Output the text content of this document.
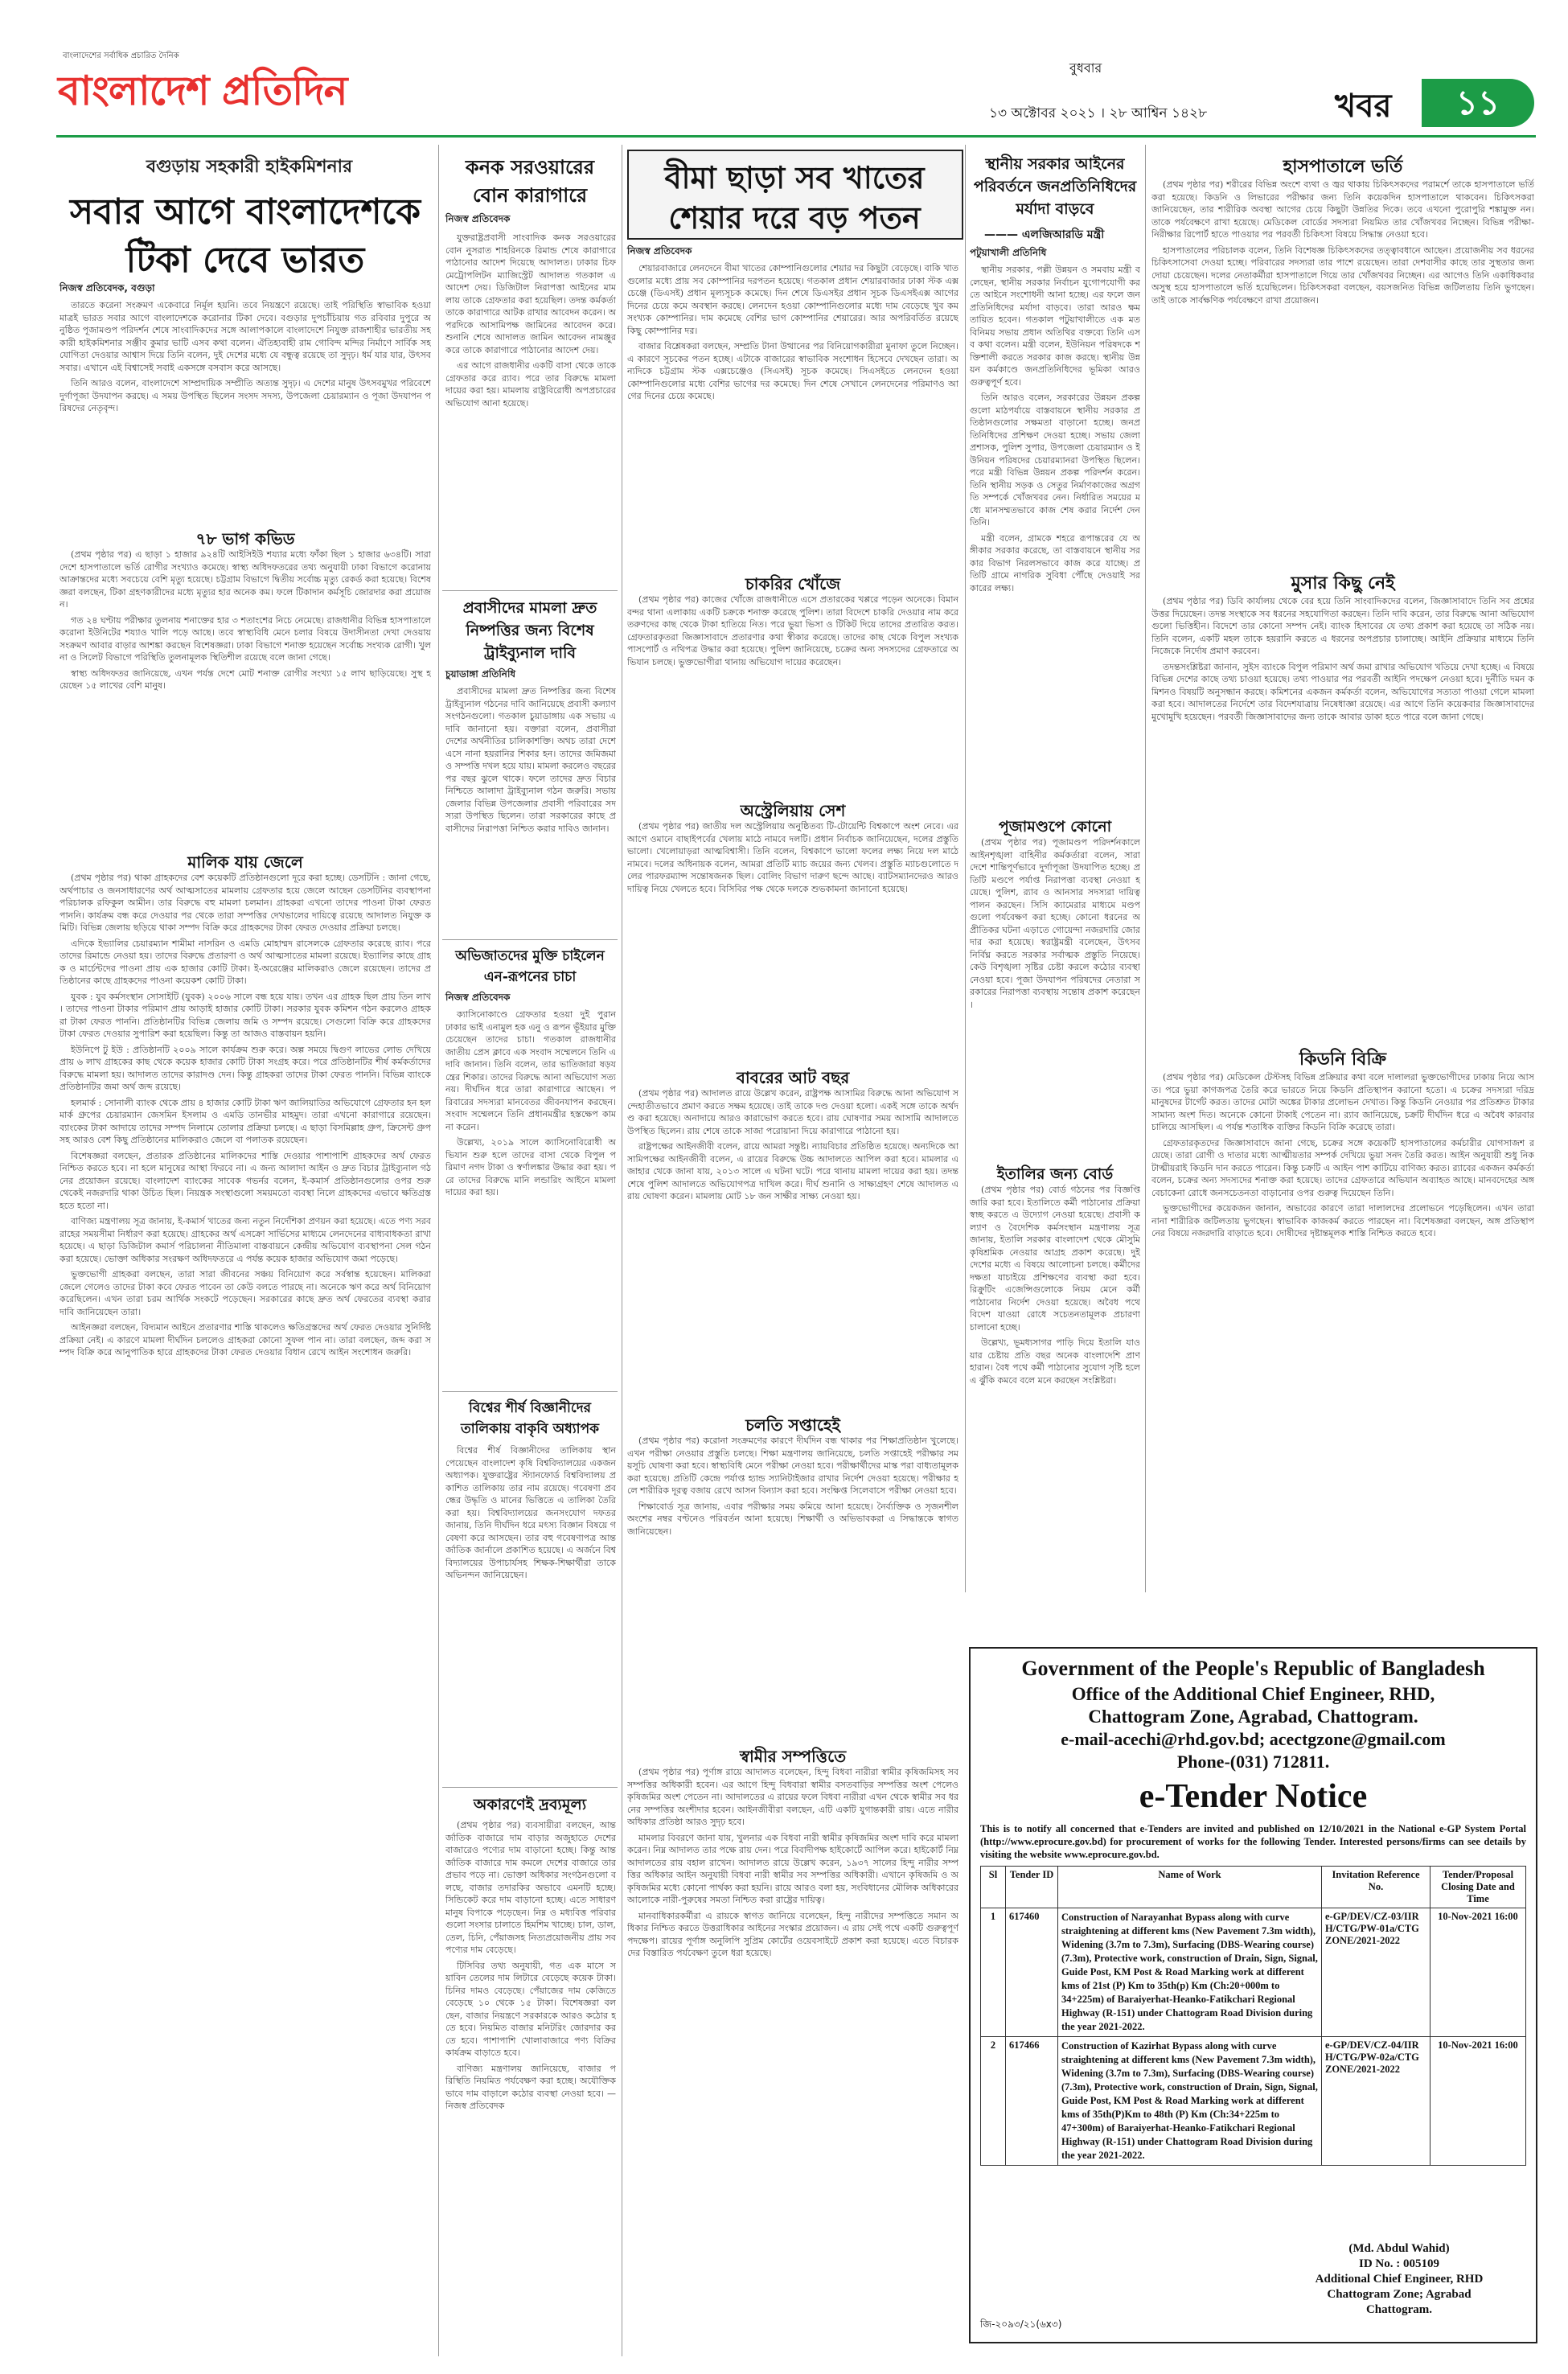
বাংলাদেশের সর্বাধিক প্রচারিত দৈনিক
বাংলাদেশ প্রতিদিন	বুধবার
১৩ অক্টোবর ২০২১ । ২৮ আশ্বিন ১৪২৮	খবর	১১
বগুড়ায় সহকারী হাইকমিশনার
সবার আগে বাংলাদেশকে
টিকা দেবে ভারত
নিজস্ব প্রতিবেদক, বগুড়া

তারতে করেনা সংক্রমণ একেবারে নির্মূল হয়নি। তবে নিয়ন্ত্রণে রয়েছে। তাই পরিস্থিতি স্বাভাবিক হওয়া মাত্রই ভারত সবার আগে বাংলাদেশকে করোনার টিকা দেবে। বগুড়ার দুপচাঁচিয়ায় গত রবিবার দুপুরে অনুষ্ঠিত পূজামণ্ডপ পরিদর্শন শেষে সাংবাদিকদের সঙ্গে আলাপকালে বাংলাদেশে নিযুক্ত রাজশাহীর ভারতীয় সহকারী হাইকমিশনার সঞ্জীব কুমার ভাটি এসব কথা বলেন। ঐতিহ্যবাহী রাম গোবিন্দ মন্দির নির্মাণে সার্বিক সহযোগিতা দেওয়ার আশ্বাস দিয়ে তিনি বলেন, দুই দেশের মধ্যে যে বন্ধুত্ব রয়েছে তা সুদৃঢ়। ধর্ম যার যার, উৎসব সবার। এখানে এই বিশ্বাসেই সবাই একসঙ্গে বসবাস করে আসছে।

তিনি আরও বলেন, বাংলাদেশে সাম্প্রদায়িক সম্প্রীতি অত্যন্ত সুদৃঢ়। এ দেশের মানুষ উৎসবমুখর পরিবেশে দুর্গাপূজা উদযাপন করছে। এ সময় উপস্থিত ছিলেন সংসদ সদস্য, উপজেলা চেয়ারম্যান ও পূজা উদযাপন পরিষদের নেতৃবৃন্দ।

৭৮ ভাগ কভিড

(প্রথম পৃষ্ঠার পর) এ ছাড়া ১ হাজার ৯২৪টি আইসিইউ শয্যার মধ্যে ফাঁকা ছিল ১ হাজার ৬৩৪টি। সারা দেশে হাসপাতালে ভর্তি রোগীর সংখ্যাও কমেছে। স্বাস্থ্য অধিদফতরের তথ্য অনুযায়ী ঢাকা বিভাগে করোনায় আক্রান্তদের মধ্যে সবচেয়ে বেশি মৃত্যু হয়েছে। চট্টগ্রাম বিভাগে দ্বিতীয় সর্বোচ্চ মৃত্যু রেকর্ড করা হয়েছে। বিশেষজ্ঞরা বলছেন, টিকা গ্রহণকারীদের মধ্যে মৃত্যুর হার অনেক কম। ফলে টিকাদান কর্মসূচি জোরদার করা প্রয়োজন।

গত ২৪ ঘণ্টায় পরীক্ষার তুলনায় শনাক্তের হার ৩ শতাংশের নিচে নেমেছে। রাজধানীর বিভিন্ন হাসপাতালে করোনা ইউনিটের শয্যাও খালি পড়ে আছে। তবে স্বাস্থ্যবিধি মেনে চলার বিষয়ে উদাসীনতা দেখা দেওয়ায় সংক্রমণ আবার বাড়ার আশঙ্কা করছেন বিশেষজ্ঞরা। ঢাকা বিভাগে শনাক্ত হয়েছেন সর্বোচ্চ সংখ্যক রোগী। খুলনা ও সিলেট বিভাগে পরিস্থিতি তুলনামূলক স্থিতিশীল রয়েছে বলে জানা গেছে।

স্বাস্থ্য অধিদফতর জানিয়েছে, এখন পর্যন্ত দেশে মোট শনাক্ত রোগীর সংখ্যা ১৫ লাখ ছাড়িয়েছে। সুস্থ হয়েছেন ১৫ লাখের বেশি মানুষ।

মালিক যায় জেলে

(প্রথম পৃষ্ঠার পর) থাকা গ্রাহকদের বেশ কয়েকটি প্রতিষ্ঠানগুলো দূরে করা হচ্ছে। ডেসটিনি : জানা গেছে, অর্থপাচার ও জনসাধারণের অর্থ আত্মসাতের মামলায় গ্রেফতার হয়ে জেলে আছেন ডেসটিনির ব্যবস্থাপনা পরিচালক রফিকুল আমীন। তার বিরুদ্ধে বহু মামলা চলমান। গ্রাহকরা এখনো তাদের পাওনা টাকা ফেরত পাননি। কার্যক্রম বন্ধ করে দেওয়ার পর থেকে তারা সম্পত্তির দেখভালের দায়িত্বে রয়েছে আদালত নিযুক্ত কমিটি। বিভিন্ন জেলায় ছড়িয়ে থাকা সম্পদ বিক্রি করে গ্রাহকদের টাকা ফেরত দেওয়ার প্রক্রিয়া চলছে।

এদিকে ইভ্যালির চেয়ারম্যান শামীমা নাসরিন ও এমডি মোহাম্মদ রাসেলকে গ্রেফতার করেছে র‌্যাব। পরে তাদের রিমান্ডে নেওয়া হয়। তাদের বিরুদ্ধে প্রতারণা ও অর্থ আত্মসাতের মামলা রয়েছে। ইভ্যালির কাছে গ্রাহক ও মার্চেন্টদের পাওনা প্রায় এক হাজার কোটি টাকা। ই-অরেঞ্জের মালিকরাও জেলে রয়েছেন। তাদের প্রতিষ্ঠানের কাছে গ্রাহকদের পাওনা কয়েকশ কোটি টাকা।

যুবক : যুব কর্মসংস্থান সোসাইটি (যুবক) ২০০৬ সালে বন্ধ হয়ে যায়। তখন এর গ্রাহক ছিল প্রায় তিন লাখ। তাদের পাওনা টাকার পরিমাণ প্রায় আড়াই হাজার কোটি টাকা। সরকার যুবক কমিশন গঠন করলেও গ্রাহকরা টাকা ফেরত পাননি। প্রতিষ্ঠানটির বিভিন্ন জেলায় জমি ও সম্পদ রয়েছে। সেগুলো বিক্রি করে গ্রাহকদের টাকা ফেরত দেওয়ার সুপারিশ করা হয়েছিল। কিন্তু তা আজও বাস্তবায়ন হয়নি।

ইউনিপে টু ইউ : প্রতিষ্ঠানটি ২০০৯ সালে কার্যক্রম শুরু করে। অল্প সময়ে দ্বিগুণ লাভের লোভ দেখিয়ে প্রায় ৬ লাখ গ্রাহকের কাছ থেকে কয়েক হাজার কোটি টাকা সংগ্রহ করে। পরে প্রতিষ্ঠানটির শীর্ষ কর্মকর্তাদের বিরুদ্ধে মামলা হয়। আদালত তাদের কারাদণ্ড দেন। কিন্তু গ্রাহকরা তাদের টাকা ফেরত পাননি। বিভিন্ন ব্যাংকে প্রতিষ্ঠানটির জমা অর্থ জব্দ রয়েছে।

হলমার্ক : সোনালী ব্যাংক থেকে প্রায় ৪ হাজার কোটি টাকা ঋণ জালিয়াতির অভিযোগে গ্রেফতার হন হলমার্ক গ্রুপের চেয়ারম্যান জেসমিন ইসলাম ও এমডি তানভীর মাহমুদ। তারা এখনো কারাগারে রয়েছেন। ব্যাংকের টাকা আদায়ে তাদের সম্পদ নিলামে তোলার প্রক্রিয়া চলছে। এ ছাড়া বিসমিল্লাহ গ্রুপ, ক্রিসেন্ট গ্রুপসহ আরও বেশ কিছু প্রতিষ্ঠানের মালিকরাও জেলে বা পলাতক রয়েছেন।

বিশেষজ্ঞরা বলছেন, প্রতারক প্রতিষ্ঠানের মালিকদের শাস্তি দেওয়ার পাশাপাশি গ্রাহকদের অর্থ ফেরত নিশ্চিত করতে হবে। না হলে মানুষের আস্থা ফিরবে না। এ জন্য আলাদা আইন ও দ্রুত বিচার ট্রাইব্যুনাল গঠনের প্রয়োজন রয়েছে। বাংলাদেশ ব্যাংকের সাবেক গভর্নর বলেন, ই-কমার্স প্রতিষ্ঠানগুলোর ওপর শুরু থেকেই নজরদারি থাকা উচিত ছিল। নিয়ন্ত্রক সংস্থাগুলো সময়মতো ব্যবস্থা নিলে গ্রাহকদের এভাবে ক্ষতিগ্রস্ত হতে হতো না।

বাণিজ্য মন্ত্রণালয় সূত্র জানায়, ই-কমার্স খাতের জন্য নতুন নির্দেশিকা প্রণয়ন করা হয়েছে। এতে পণ্য সরবরাহের সময়সীমা নির্ধারণ করা হয়েছে। গ্রাহকের অর্থ এসক্রো সার্ভিসের মাধ্যমে লেনদেনের বাধ্যবাধকতা রাখা হয়েছে। এ ছাড়া ডিজিটাল কমার্স পরিচালনা নীতিমালা বাস্তবায়নে কেন্দ্রীয় অভিযোগ ব্যবস্থাপনা সেল গঠন করা হয়েছে। ভোক্তা অধিকার সংরক্ষণ অধিদফতরে এ পর্যন্ত কয়েক হাজার অভিযোগ জমা পড়েছে।

ভুক্তভোগী গ্রাহকরা বলছেন, তারা সারা জীবনের সঞ্চয় বিনিয়োগ করে সর্বস্বান্ত হয়েছেন। মালিকরা জেলে গেলেও তাদের টাকা কবে ফেরত পাবেন তা কেউ বলতে পারছে না। অনেকে ঋণ করে অর্থ বিনিয়োগ করেছিলেন। এখন তারা চরম আর্থিক সংকটে পড়েছেন। সরকারের কাছে দ্রুত অর্থ ফেরতের ব্যবস্থা করার দাবি জানিয়েছেন তারা।

আইনজ্ঞরা বলছেন, বিদ্যমান আইনে প্রতারণার শাস্তি থাকলেও ক্ষতিগ্রস্তদের অর্থ ফেরত দেওয়ার সুনির্দিষ্ট প্রক্রিয়া নেই। এ কারণে মামলা দীর্ঘদিন চললেও গ্রাহকরা কোনো সুফল পান না। তারা বলছেন, জব্দ করা সম্পদ বিক্রি করে আনুপাতিক হারে গ্রাহকদের টাকা ফেরত দেওয়ার বিধান রেখে আইন সংশোধন জরুরি।

কনক সরওয়ারের
বোন কারাগারে
নিজস্ব প্রতিবেদক

যুক্তরাষ্ট্রপ্রবাসী সাংবাদিক কনক সরওয়ারের বোন নুসরাত শাহরিনকে রিমান্ড শেষে কারাগারে পাঠানোর আদেশ দিয়েছে আদালত। ঢাকার চিফ মেট্রোপলিটন ম্যাজিস্ট্রেট আদালত গতকাল এ আদেশ দেয়। ডিজিটাল নিরাপত্তা আইনের মামলায় তাকে গ্রেফতার করা হয়েছিল। তদন্ত কর্মকর্তা তাকে কারাগারে আটক রাখার আবেদন করেন। অপরদিকে আসামিপক্ষ জামিনের আবেদন করে। শুনানি শেষে আদালত জামিন আবেদন নামঞ্জুর করে তাকে কারাগারে পাঠানোর আদেশ দেয়।

এর আগে রাজধানীর একটি বাসা থেকে তাকে গ্রেফতার করে র‌্যাব। পরে তার বিরুদ্ধে মামলা দায়ের করা হয়। মামলায় রাষ্ট্রবিরোধী অপপ্রচারের অভিযোগ আনা হয়েছে।

প্রবাসীদের মামলা দ্রুত
নিষ্পত্তির জন্য বিশেষ
ট্রাইব্যুনাল দাবি
চুয়াডাঙ্গা প্রতিনিধি

প্রবাসীদের মামলা দ্রুত নিষ্পত্তির জন্য বিশেষ ট্রাইব্যুনাল গঠনের দাবি জানিয়েছে প্রবাসী কল্যাণ সংগঠনগুলো। গতকাল চুয়াডাঙ্গায় এক সভায় এ দাবি জানানো হয়। বক্তারা বলেন, প্রবাসীরা দেশের অর্থনীতির চালিকাশক্তি। অথচ তারা দেশে এসে নানা হয়রানির শিকার হন। তাদের জমিজমা ও সম্পত্তি দখল হয়ে যায়। মামলা করলেও বছরের পর বছর ঝুলে থাকে। ফলে তাদের দ্রুত বিচার নিশ্চিতে আলাদা ট্রাইব্যুনাল গঠন জরুরি। সভায় জেলার বিভিন্ন উপজেলার প্রবাসী পরিবারের সদস্যরা উপস্থিত ছিলেন। তারা সরকারের কাছে প্রবাসীদের নিরাপত্তা নিশ্চিত করার দাবিও জানান।

অভিজাতদের মুক্তি চাইলেন
এন-রূপনের চাচা
নিজস্ব প্রতিবেদক

ক্যাসিনোকাণ্ডে গ্রেফতার হওয়া দুই পুরান ঢাকার ভাই এনামুল হক এনু ও রূপন ভূঁইয়ার মুক্তি চেয়েছেন তাদের চাচা। গতকাল রাজধানীর জাতীয় প্রেস ক্লাবে এক সংবাদ সম্মেলনে তিনি এ দাবি জানান। তিনি বলেন, তার ভাতিজারা ষড়যন্ত্রের শিকার। তাদের বিরুদ্ধে আনা অভিযোগ সত্য নয়। দীর্ঘদিন ধরে তারা কারাগারে আছেন। পরিবারের সদস্যরা মানবেতর জীবনযাপন করছেন। সংবাদ সম্মেলনে তিনি প্রধানমন্ত্রীর হস্তক্ষেপ কামনা করেন।

উল্লেখ্য, ২০১৯ সালে ক্যাসিনোবিরোধী অভিযান শুরু হলে তাদের বাসা থেকে বিপুল পরিমাণ নগদ টাকা ও স্বর্ণালঙ্কার উদ্ধার করা হয়। পরে তাদের বিরুদ্ধে মানি লন্ডারিং আইনে মামলা দায়ের করা হয়।

বিশ্বের শীর্ষ বিজ্ঞানীদের
তালিকায় বাকৃবি অধ্যাপক

বিশ্বের শীর্ষ বিজ্ঞানীদের তালিকায় স্থান পেয়েছেন বাংলাদেশ কৃষি বিশ্ববিদ্যালয়ের একজন অধ্যাপক। যুক্তরাষ্ট্রের স্ট্যানফোর্ড বিশ্ববিদ্যালয় প্রকাশিত তালিকায় তার নাম রয়েছে। গবেষণা প্রবন্ধের উদ্ধৃতি ও মানের ভিত্তিতে এ তালিকা তৈরি করা হয়। বিশ্ববিদ্যালয়ের জনসংযোগ দফতর জানায়, তিনি দীর্ঘদিন ধরে মৎস্য বিজ্ঞান বিষয়ে গবেষণা করে আসছেন। তার বহু গবেষণাপত্র আন্তর্জাতিক জার্নালে প্রকাশিত হয়েছে। এ অর্জনে বিশ্ববিদ্যালয়ের উপাচার্যসহ শিক্ষক-শিক্ষার্থীরা তাকে অভিনন্দন জানিয়েছেন।

অকারণেই দ্রব্যমূল্য

(প্রথম পৃষ্ঠার পর) ব্যবসায়ীরা বলছেন, আন্তর্জাতিক বাজারে দাম বাড়ার অজুহাতে দেশের বাজারেও পণ্যের দাম বাড়ানো হচ্ছে। কিন্তু আন্তর্জাতিক বাজারে দাম কমলে দেশের বাজারে তার প্রভাব পড়ে না। ভোক্তা অধিকার সংগঠনগুলো বলছে, বাজার তদারকির অভাবে এমনটি হচ্ছে। সিন্ডিকেট করে দাম বাড়ানো হচ্ছে। এতে সাধারণ মানুষ বিপাকে পড়েছেন। নিম্ন ও মধ্যবিত্ত পরিবারগুলো সংসার চালাতে হিমশিম খাচ্ছে। চাল, ডাল, তেল, চিনি, পেঁয়াজসহ নিত্যপ্রয়োজনীয় প্রায় সব পণ্যের দাম বেড়েছে।

টিসিবির তথ্য অনুযায়ী, গত এক মাসে সয়াবিন তেলের দাম লিটারে বেড়েছে কয়েক টাকা। চিনির দামও বেড়েছে। পেঁয়াজের দাম কেজিতে বেড়েছে ১০ থেকে ১৫ টাকা। বিশেষজ্ঞরা বলছেন, বাজার নিয়ন্ত্রণে সরকারকে আরও কঠোর হতে হবে। নিয়মিত বাজার মনিটরিং জোরদার করতে হবে। পাশাপাশি খোলাবাজারে পণ্য বিক্রির কার্যক্রম বাড়াতে হবে।

বাণিজ্য মন্ত্রণালয় জানিয়েছে, বাজার পরিস্থিতি নিয়মিত পর্যবেক্ষণ করা হচ্ছে। অযৌক্তিকভাবে দাম বাড়ালে কঠোর ব্যবস্থা নেওয়া হবে। —নিজস্ব প্রতিবেদক

বীমা ছাড়া সব খাতের
শেয়ার দরে বড় পতন
নিজস্ব প্রতিবেদক

শেয়ারবাজারে লেনদেনে বীমা খাতের কোম্পানিগুলোর শেয়ার দর কিছুটা বেড়েছে। বাকি খাতগুলোর মধ্যে প্রায় সব কোম্পানির দরপতন হয়েছে। গতকাল প্রধান শেয়ারবাজার ঢাকা স্টক এক্সচেঞ্জে (ডিএসই) প্রধান মূল্যসূচক কমেছে। দিন শেষে ডিএসইর প্রধান সূচক ডিএসইএক্স আগের দিনের চেয়ে কমে অবস্থান করছে। লেনদেন হওয়া কোম্পানিগুলোর মধ্যে দাম বেড়েছে খুব কম সংখ্যক কোম্পানির। দাম কমেছে বেশির ভাগ কোম্পানির শেয়ারের। আর অপরিবর্তিত রয়েছে কিছু কোম্পানির দর।

বাজার বিশ্লেষকরা বলছেন, সম্প্রতি টানা উত্থানের পর বিনিয়োগকারীরা মুনাফা তুলে নিচ্ছেন। এ কারণে সূচকের পতন হচ্ছে। এটাকে বাজারের স্বাভাবিক সংশোধন হিসেবে দেখছেন তারা। অন্যদিকে চট্টগ্রাম স্টক এক্সচেঞ্জেও (সিএসই) সূচক কমেছে। সিএসইতে লেনদেন হওয়া কোম্পানিগুলোর মধ্যে বেশির ভাগের দর কমেছে। দিন শেষে সেখানে লেনদেনের পরিমাণও আগের দিনের চেয়ে কমেছে।

চাকরির খোঁজে

(প্রথম পৃষ্ঠার পর) কাজের খোঁজে রাজধানীতে এসে প্রতারকের খপ্পরে পড়েন অনেকে। বিমানবন্দর থানা এলাকায় একটি চক্রকে শনাক্ত করেছে পুলিশ। তারা বিদেশে চাকরি দেওয়ার নাম করে তরুণদের কাছ থেকে টাকা হাতিয়ে নিত। পরে ভুয়া ভিসা ও টিকিট দিয়ে তাদের প্রতারিত করত। গ্রেফতারকৃতরা জিজ্ঞাসাবাদে প্রতারণার কথা স্বীকার করেছে। তাদের কাছ থেকে বিপুল সংখ্যক পাসপোর্ট ও নথিপত্র উদ্ধার করা হয়েছে। পুলিশ জানিয়েছে, চক্রের অন্য সদস্যদের গ্রেফতারে অভিযান চলছে। ভুক্তভোগীরা থানায় অভিযোগ দায়ের করেছেন।

অস্ট্রেলিয়ায় সেশ

(প্রথম পৃষ্ঠার পর) জাতীয় দল অস্ট্রেলিয়ায় অনুষ্ঠিতব্য টি-টোয়েন্টি বিশ্বকাপে অংশ নেবে। এর আগে ওমানে বাছাইপর্বের খেলায় মাঠে নামবে দলটি। প্রধান নির্বাচক জানিয়েছেন, দলের প্রস্তুতি ভালো। খেলোয়াড়রা আত্মবিশ্বাসী। তিনি বলেন, বিশ্বকাপে ভালো ফলের লক্ষ্য নিয়ে দল মাঠে নামবে। দলের অধিনায়ক বলেন, আমরা প্রতিটি ম্যাচ জয়ের জন্য খেলব। প্রস্তুতি ম্যাচগুলোতে দলের পারফরম্যান্স সন্তোষজনক ছিল। বোলিং বিভাগ দারুণ ছন্দে আছে। ব্যাটসম্যানদেরও আরও দায়িত্ব নিয়ে খেলতে হবে। বিসিবির পক্ষ থেকে দলকে শুভকামনা জানানো হয়েছে।

বাবরের আট বছর

(প্রথম পৃষ্ঠার পর) আদালত রায়ে উল্লেখ করেন, রাষ্ট্রপক্ষ আসামির বিরুদ্ধে আনা অভিযোগ সন্দেহাতীতভাবে প্রমাণ করতে সক্ষম হয়েছে। তাই তাকে দণ্ড দেওয়া হলো। একই সঙ্গে তাকে অর্থদণ্ড করা হয়েছে। অনাদায়ে আরও কারাভোগ করতে হবে। রায় ঘোষণার সময় আসামি আদালতে উপস্থিত ছিলেন। রায় শেষে তাকে সাজা পরোয়ানা দিয়ে কারাগারে পাঠানো হয়।

রাষ্ট্রপক্ষের আইনজীবী বলেন, রায়ে আমরা সন্তুষ্ট। ন্যায়বিচার প্রতিষ্ঠিত হয়েছে। অন্যদিকে আসামিপক্ষের আইনজীবী বলেন, এ রায়ের বিরুদ্ধে উচ্চ আদালতে আপিল করা হবে। মামলার এজাহার থেকে জানা যায়, ২০১৩ সালে এ ঘটনা ঘটে। পরে থানায় মামলা দায়ের করা হয়। তদন্ত শেষে পুলিশ আদালতে অভিযোগপত্র দাখিল করে। দীর্ঘ শুনানি ও সাক্ষ্যগ্রহণ শেষে আদালত এ রায় ঘোষণা করেন। মামলায় মোট ১৮ জন সাক্ষীর সাক্ষ্য নেওয়া হয়।

চলতি সপ্তাহেই

(প্রথম পৃষ্ঠার পর) করোনা সংক্রমণের কারণে দীর্ঘদিন বন্ধ থাকার পর শিক্ষাপ্রতিষ্ঠান খুলেছে। এখন পরীক্ষা নেওয়ার প্রস্তুতি চলছে। শিক্ষা মন্ত্রণালয় জানিয়েছে, চলতি সপ্তাহেই পরীক্ষার সময়সূচি ঘোষণা করা হবে। স্বাস্থ্যবিধি মেনে পরীক্ষা নেওয়া হবে। পরীক্ষার্থীদের মাস্ক পরা বাধ্যতামূলক করা হয়েছে। প্রতিটি কেন্দ্রে পর্যাপ্ত হ্যান্ড স্যানিটাইজার রাখার নির্দেশ দেওয়া হয়েছে। পরীক্ষার হলে শারীরিক দূরত্ব বজায় রেখে আসন বিন্যাস করা হবে। সংক্ষিপ্ত সিলেবাসে পরীক্ষা নেওয়া হবে।

শিক্ষাবোর্ড সূত্র জানায়, এবার পরীক্ষার সময় কমিয়ে আনা হয়েছে। নৈর্ব্যক্তিক ও সৃজনশীল অংশের নম্বর বণ্টনেও পরিবর্তন আনা হয়েছে। শিক্ষার্থী ও অভিভাবকরা এ সিদ্ধান্তকে স্বাগত জানিয়েছেন।

স্বামীর সম্পত্তিতে

(প্রথম পৃষ্ঠার পর) পূর্ণাঙ্গ রায়ে আদালত বলেছেন, হিন্দু বিধবা নারীরা স্বামীর কৃষিজমিসহ সব সম্পত্তির অধিকারী হবেন। এর আগে হিন্দু বিধবারা স্বামীর বসতবাড়ির সম্পত্তির অংশ পেলেও কৃষিজমির অংশ পেতেন না। আদালতের এ রায়ের ফলে বিধবা নারীরা এখন থেকে স্বামীর সব ধরনের সম্পত্তির অংশীদার হবেন। আইনজীবীরা বলছেন, এটি একটি যুগান্তকারী রায়। এতে নারীর অধিকার প্রতিষ্ঠা আরও সুদৃঢ় হবে।

মামলার বিবরণে জানা যায়, খুলনার এক বিধবা নারী স্বামীর কৃষিজমির অংশ দাবি করে মামলা করেন। নিম্ন আদালত তার পক্ষে রায় দেন। পরে বিবাদীপক্ষ হাইকোর্টে আপিল করে। হাইকোর্ট নিম্ন আদালতের রায় বহাল রাখেন। আদালত রায়ে উল্লেখ করেন, ১৯৩৭ সালের হিন্দু নারীর সম্পত্তির অধিকার আইন অনুযায়ী বিধবা নারী স্বামীর সব সম্পত্তির অধিকারী। এখানে কৃষিজমি ও অকৃষিজমির মধ্যে কোনো পার্থক্য করা হয়নি। রায়ে আরও বলা হয়, সংবিধানের মৌলিক অধিকারের আলোকে নারী-পুরুষের সমতা নিশ্চিত করা রাষ্ট্রের দায়িত্ব।

মানবাধিকারকর্মীরা এ রায়কে স্বাগত জানিয়ে বলেছেন, হিন্দু নারীদের সম্পত্তিতে সমান অধিকার নিশ্চিত করতে উত্তরাধিকার আইনের সংস্কার প্রয়োজন। এ রায় সেই পথে একটি গুরুত্বপূর্ণ পদক্ষেপ। রায়ের পূর্ণাঙ্গ অনুলিপি সুপ্রিম কোর্টের ওয়েবসাইটে প্রকাশ করা হয়েছে। এতে বিচারকদের বিস্তারিত পর্যবেক্ষণ তুলে ধরা হয়েছে।

স্থানীয় সরকার আইনের
পরিবর্তনে জনপ্রতিনিধিদের
মর্যাদা বাড়বে
——— এলজিআরডি মন্ত্রী
পটুয়াখালী প্রতিনিধি

স্থানীয় সরকার, পল্লী উন্নয়ন ও সমবায় মন্ত্রী বলেছেন, স্থানীয় সরকার নির্বাচন যুগোপযোগী করতে আইনে সংশোধনী আনা হচ্ছে। এর ফলে জনপ্রতিনিধিদের মর্যাদা বাড়বে। তারা আরও ক্ষমতায়িত হবেন। গতকাল পটুয়াখালীতে এক মতবিনিময় সভায় প্রধান অতিথির বক্তব্যে তিনি এসব কথা বলেন। মন্ত্রী বলেন, ইউনিয়ন পরিষদকে শক্তিশালী করতে সরকার কাজ করছে। স্থানীয় উন্নয়ন কর্মকাণ্ডে জনপ্রতিনিধিদের ভূমিকা আরও গুরুত্বপূর্ণ হবে।

তিনি আরও বলেন, সরকারের উন্নয়ন প্রকল্পগুলো মাঠপর্যায়ে বাস্তবায়নে স্থানীয় সরকার প্রতিষ্ঠানগুলোর সক্ষমতা বাড়ানো হচ্ছে। জনপ্রতিনিধিদের প্রশিক্ষণ দেওয়া হচ্ছে। সভায় জেলা প্রশাসক, পুলিশ সুপার, উপজেলা চেয়ারম্যান ও ইউনিয়ন পরিষদের চেয়ারম্যানরা উপস্থিত ছিলেন। পরে মন্ত্রী বিভিন্ন উন্নয়ন প্রকল্প পরিদর্শন করেন। তিনি স্থানীয় সড়ক ও সেতুর নির্মাণকাজের অগ্রগতি সম্পর্কে খোঁজখবর নেন। নির্ধারিত সময়ের মধ্যে মানসম্মতভাবে কাজ শেষ করার নির্দেশ দেন তিনি।

মন্ত্রী বলেন, গ্রামকে শহরে রূপান্তরের যে অঙ্গীকার সরকার করেছে, তা বাস্তবায়নে স্থানীয় সরকার বিভাগ নিরলসভাবে কাজ করে যাচ্ছে। প্রতিটি গ্রামে নাগরিক সুবিধা পৌঁছে দেওয়াই সরকারের লক্ষ্য।

পূজামণ্ডপে কোনো

(প্রথম পৃষ্ঠার পর) পূজামণ্ডপ পরিদর্শনকালে আইনশৃঙ্খলা বাহিনীর কর্মকর্তারা বলেন, সারা দেশে শান্তিপূর্ণভাবে দুর্গাপূজা উদযাপিত হচ্ছে। প্রতিটি মণ্ডপে পর্যাপ্ত নিরাপত্তা ব্যবস্থা নেওয়া হয়েছে। পুলিশ, র‌্যাব ও আনসার সদস্যরা দায়িত্ব পালন করছেন। সিসি ক্যামেরার মাধ্যমে মণ্ডপগুলো পর্যবেক্ষণ করা হচ্ছে। কোনো ধরনের অপ্রীতিকর ঘটনা এড়াতে গোয়েন্দা নজরদারি জোরদার করা হয়েছে। স্বরাষ্ট্রমন্ত্রী বলেছেন, উৎসব নির্বিঘ্ন করতে সরকার সর্বাত্মক প্রস্তুতি নিয়েছে। কেউ বিশৃঙ্খলা সৃষ্টির চেষ্টা করলে কঠোর ব্যবস্থা নেওয়া হবে। পূজা উদযাপন পরিষদের নেতারা সরকারের নিরাপত্তা ব্যবস্থায় সন্তোষ প্রকাশ করেছেন।

ইতালির জন্য বোর্ড

(প্রথম পৃষ্ঠার পর) বোর্ড গঠনের পর বিজ্ঞপ্তি জারি করা হবে। ইতালিতে কর্মী পাঠানোর প্রক্রিয়া স্বচ্ছ করতে এ উদ্যোগ নেওয়া হয়েছে। প্রবাসী কল্যাণ ও বৈদেশিক কর্মসংস্থান মন্ত্রণালয় সূত্র জানায়, ইতালি সরকার বাংলাদেশ থেকে মৌসুমি কৃষিশ্রমিক নেওয়ার আগ্রহ প্রকাশ করেছে। দুই দেশের মধ্যে এ বিষয়ে আলোচনা চলছে। কর্মীদের দক্ষতা যাচাইয়ে প্রশিক্ষণের ব্যবস্থা করা হবে। রিক্রুটিং এজেন্সিগুলোকে নিয়ম মেনে কর্মী পাঠানোর নির্দেশ দেওয়া হয়েছে। অবৈধ পথে বিদেশ যাওয়া রোধে সচেতনতামূলক প্রচারণা চালানো হচ্ছে।

উল্লেখ্য, ভূমধ্যসাগর পাড়ি দিয়ে ইতালি যাওয়ার চেষ্টায় প্রতি বছর অনেক বাংলাদেশি প্রাণ হারান। বৈধ পথে কর্মী পাঠানোর সুযোগ সৃষ্টি হলে এ ঝুঁকি কমবে বলে মনে করছেন সংশ্লিষ্টরা।

হাসপাতালে ভর্তি

(প্রথম পৃষ্ঠার পর) শরীরের বিভিন্ন অংশে ব্যথা ও জ্বর থাকায় চিকিৎসকদের পরামর্শে তাকে হাসপাতালে ভর্তি করা হয়েছে। কিডনি ও লিভারের পরীক্ষার জন্য তিনি কয়েকদিন হাসপাতালে থাকবেন। চিকিৎসকরা জানিয়েছেন, তার শারীরিক অবস্থা আগের চেয়ে কিছুটা উন্নতির দিকে। তবে এখনো পুরোপুরি শঙ্কামুক্ত নন। তাকে পর্যবেক্ষণে রাখা হয়েছে। মেডিকেল বোর্ডের সদস্যরা নিয়মিত তার খোঁজখবর নিচ্ছেন। বিভিন্ন পরীক্ষা-নিরীক্ষার রিপোর্ট হাতে পাওয়ার পর পরবর্তী চিকিৎসা বিষয়ে সিদ্ধান্ত নেওয়া হবে।

হাসপাতালের পরিচালক বলেন, তিনি বিশেষজ্ঞ চিকিৎসকদের তত্ত্বাবধানে আছেন। প্রয়োজনীয় সব ধরনের চিকিৎসাসেবা দেওয়া হচ্ছে। পরিবারের সদস্যরা তার পাশে রয়েছেন। তারা দেশবাসীর কাছে তার সুস্থতার জন্য দোয়া চেয়েছেন। দলের নেতাকর্মীরা হাসপাতালে গিয়ে তার খোঁজখবর নিচ্ছেন। এর আগেও তিনি একাধিকবার অসুস্থ হয়ে হাসপাতালে ভর্তি হয়েছিলেন। চিকিৎসকরা বলছেন, বয়সজনিত বিভিন্ন জটিলতায় তিনি ভুগছেন। তাই তাকে সার্বক্ষণিক পর্যবেক্ষণে রাখা প্রয়োজন।

মুসার কিছু নেই

(প্রথম পৃষ্ঠার পর) ডিবি কার্যালয় থেকে বের হয়ে তিনি সাংবাদিকদের বলেন, জিজ্ঞাসাবাদে তিনি সব প্রশ্নের উত্তর দিয়েছেন। তদন্ত সংস্থাকে সব ধরনের সহযোগিতা করছেন। তিনি দাবি করেন, তার বিরুদ্ধে আনা অভিযোগগুলো ভিত্তিহীন। বিদেশে তার কোনো সম্পদ নেই। ব্যাংক হিসাবের যে তথ্য প্রকাশ করা হয়েছে তা সঠিক নয়। তিনি বলেন, একটি মহল তাকে হয়রানি করতে এ ধরনের অপপ্রচার চালাচ্ছে। আইনি প্রক্রিয়ার মাধ্যমে তিনি নিজেকে নির্দোষ প্রমাণ করবেন।

তদন্তসংশ্লিষ্টরা জানান, সুইস ব্যাংকে বিপুল পরিমাণ অর্থ জমা রাখার অভিযোগ খতিয়ে দেখা হচ্ছে। এ বিষয়ে বিভিন্ন দেশের কাছে তথ্য চাওয়া হয়েছে। তথ্য পাওয়ার পর পরবর্তী আইনি পদক্ষেপ নেওয়া হবে। দুর্নীতি দমন কমিশনও বিষয়টি অনুসন্ধান করছে। কমিশনের একজন কর্মকর্তা বলেন, অভিযোগের সত্যতা পাওয়া গেলে মামলা করা হবে। আদালতের নির্দেশে তার বিদেশযাত্রায় নিষেধাজ্ঞা রয়েছে। এর আগে তিনি কয়েকবার জিজ্ঞাসাবাদের মুখোমুখি হয়েছেন। পরবর্তী জিজ্ঞাসাবাদের জন্য তাকে আবার ডাকা হতে পারে বলে জানা গেছে।

কিডনি বিক্রি

(প্রথম পৃষ্ঠার পর) মেডিকেল টেস্টসহ বিভিন্ন প্রক্রিয়ার কথা বলে দালালরা ভুক্তভোগীদের ঢাকায় নিয়ে আসত। পরে ভুয়া কাগজপত্র তৈরি করে ভারতে নিয়ে কিডনি প্রতিস্থাপন করানো হতো। এ চক্রের সদস্যরা দরিদ্র মানুষদের টার্গেট করত। তাদের মোটা অঙ্কের টাকার প্রলোভন দেখাত। কিন্তু কিডনি নেওয়ার পর প্রতিশ্রুত টাকার সামান্য অংশ দিত। অনেকে কোনো টাকাই পেতেন না। র‌্যাব জানিয়েছে, চক্রটি দীর্ঘদিন ধরে এ অবৈধ কারবার চালিয়ে আসছিল। এ পর্যন্ত শতাধিক ব্যক্তির কিডনি বিক্রি করেছে তারা।

গ্রেফতারকৃতদের জিজ্ঞাসাবাদে জানা গেছে, চক্রের সঙ্গে কয়েকটি হাসপাতালের কর্মচারীর যোগসাজশ রয়েছে। তারা রোগী ও দাতার মধ্যে আত্মীয়তার সম্পর্ক দেখিয়ে ভুয়া সনদ তৈরি করত। আইন অনুযায়ী শুধু নিকটাত্মীয়রাই কিডনি দান করতে পারেন। কিন্তু চক্রটি এ আইন পাশ কাটিয়ে বাণিজ্য করত। র‌্যাবের একজন কর্মকর্তা বলেন, চক্রের অন্য সদস্যদের শনাক্ত করা হয়েছে। তাদের গ্রেফতারে অভিযান অব্যাহত আছে। মানবদেহের অঙ্গ বেচাকেনা রোধে জনসচেতনতা বাড়ানোর ওপর গুরুত্ব দিয়েছেন তিনি।

ভুক্তভোগীদের কয়েকজন জানান, অভাবের কারণে তারা দালালদের প্রলোভনে পড়েছিলেন। এখন তারা নানা শারীরিক জটিলতায় ভুগছেন। স্বাভাবিক কাজকর্ম করতে পারছেন না। বিশেষজ্ঞরা বলছেন, অঙ্গ প্রতিস্থাপনের বিষয়ে নজরদারি বাড়াতে হবে। দোষীদের দৃষ্টান্তমূলক শাস্তি নিশ্চিত করতে হবে।

Government of the People's Republic of Bangladesh
Office of the Additional Chief Engineer, RHD,
Chattogram Zone, Agrabad, Chattogram.
e-mail-acechi@rhd.gov.bd; acectgzone@gmail.com
Phone-(031) 712811.
e-Tender Notice
This is to notify all concerned that e-Tenders are invited and published on 12/10/2021 in the National e-GP System Portal (http://www.eprocure.gov.bd) for procurement of works for the following Tender. Interested persons/firms can see details by visiting the website www.eprocure.gov.bd.
Sl	Tender ID	Name of Work	Invitation Reference No.	Tender/Proposal Closing Date and Time
1	617460	Construction of Narayanhat Bypass along with curve straightening at different kms (New Pavement 7.3m width), Widening (3.7m to 7.3m), Surfacing (DBS-Wearing course) (7.3m), Protective work, construction of Drain, Sign, Signal, Guide Post, KM Post & Road Marking work at different kms of 21st (P) Km to 35th(p) Km (Ch:20+000m to 34+225m) of Baraiyerhat-Heanko-Fatikchari Regional Highway (R-151) under Chattogram Road Division during the year 2021-2022.	e-GP/DEV/CZ-03/IIRH/CTG/PW-01a/CTG ZONE/2021-2022	10-Nov-2021 16:00
2	617466	Construction of Kazirhat Bypass along with curve straightening at different kms (New Pavement 7.3m width), Widening (3.7m to 7.3m), Surfacing (DBS-Wearing course) (7.3m), Protective work, construction of Drain, Sign, Signal, Guide Post, KM Post & Road Marking work at different kms of 35th(P)Km to 48th (P) Km (Ch:34+225m to 47+300m) of Baraiyerhat-Heanko-Fatikchari Regional Highway (R-151) under Chattogram Road Division during the year 2021-2022.	e-GP/DEV/CZ-04/IIRH/CTG/PW-02a/CTG ZONE/2021-2022	10-Nov-2021 16:00
(Md. Abdul Wahid)
ID No. : 005109
Additional Chief Engineer, RHD
Chattogram Zone; Agrabad
Chattogram.
জি-২০৯৩/২১(৬x৩)
